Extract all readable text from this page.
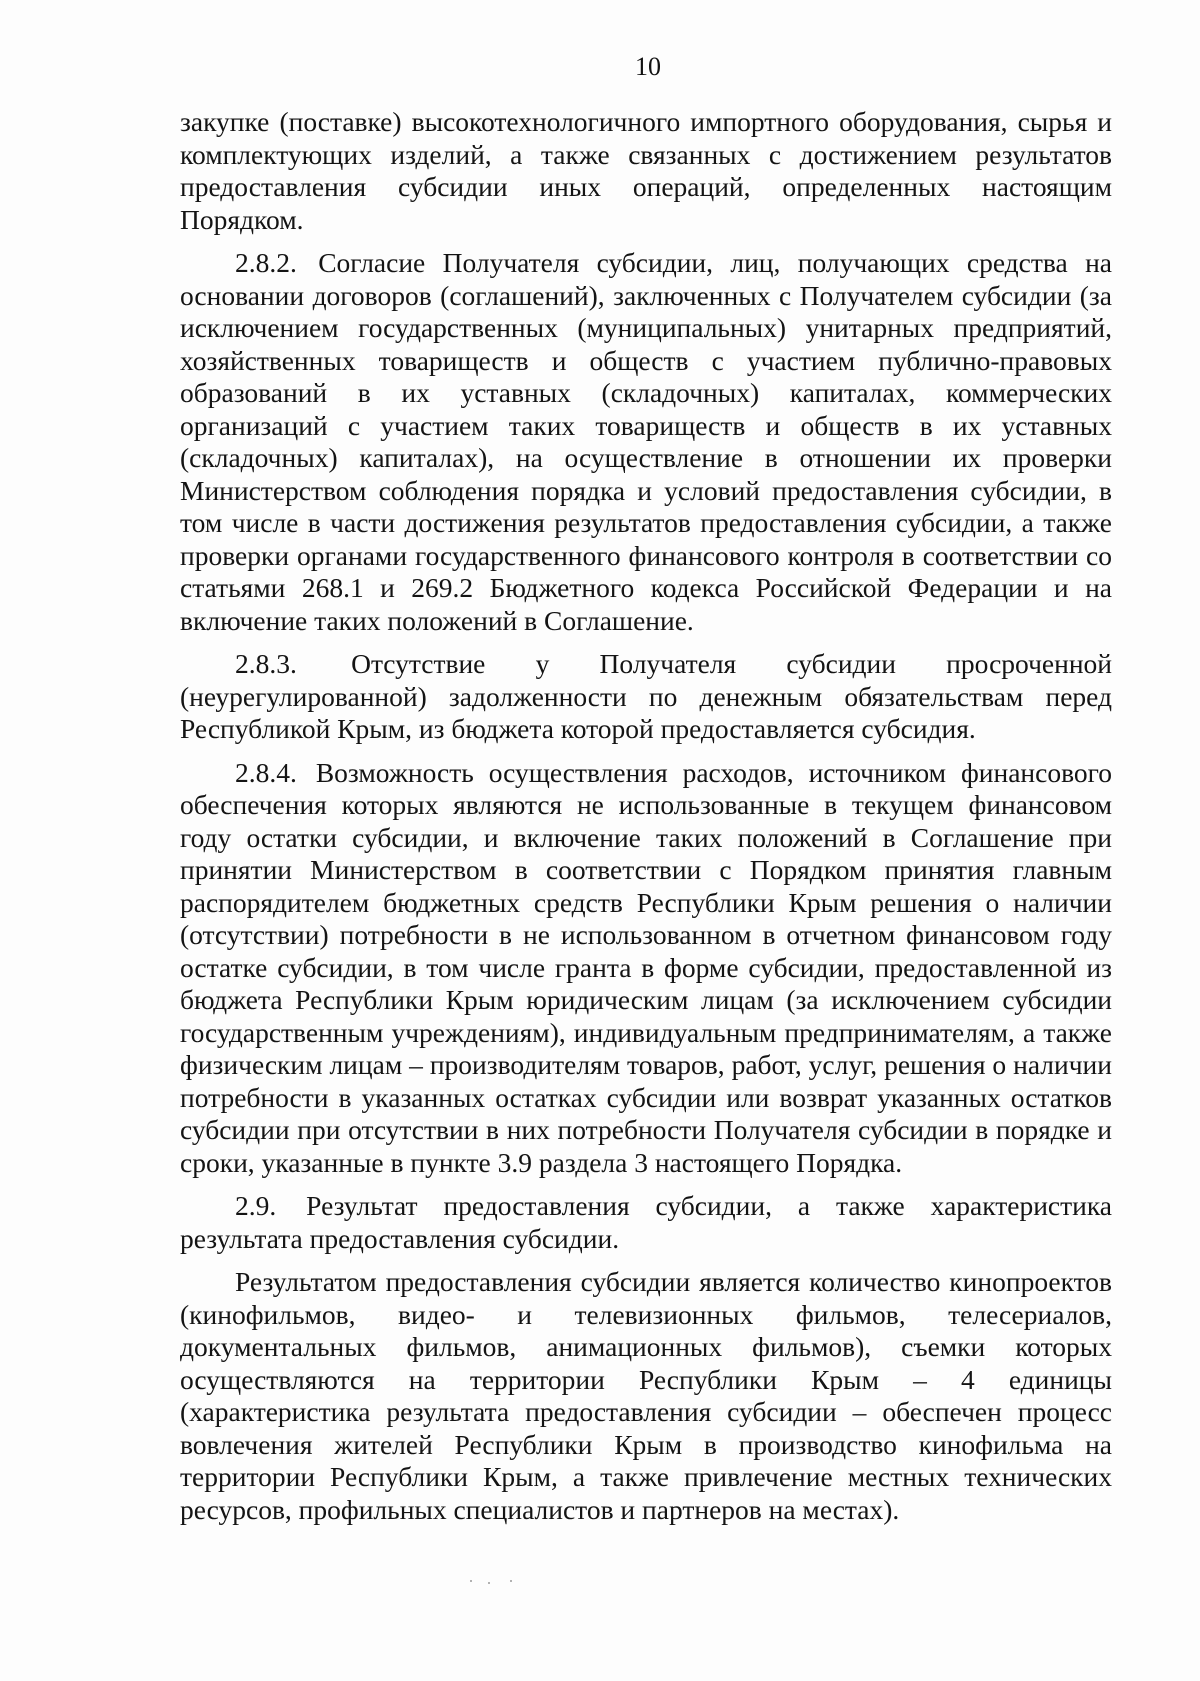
10

закупке (поставке) высокотехнологичного импортного оборудования, сырья и комплектующих изделий, а также связанных с достижением результатов предоставления субсидии иных операций, определенных настоящим Порядком.

2.8.2. Согласие Получателя субсидии, лиц, получающих средства на основании договоров (соглашений), заключенных с Получателем субсидии (за исключением государственных (муниципальных) унитарных предприятий, хозяйственных товариществ и обществ с участием публично-правовых образований в их уставных (складочных) капиталах, коммерческих организаций с участием таких товариществ и обществ в их уставных (складочных) капиталах), на осуществление в отношении их проверки Министерством соблюдения порядка и условий предоставления субсидии, в том числе в части достижения результатов предоставления субсидии, а также проверки органами государственного финансового контроля в соответствии со статьями 268.1 и 269.2 Бюджетного кодекса Российской Федерации и на включение таких положений в Соглашение.

2.8.3. Отсутствие у Получателя субсидии просроченной (неурегулированной) задолженности по денежным обязательствам перед Республикой Крым, из бюджета которой предоставляется субсидия.

2.8.4. Возможность осуществления расходов, источником финансового обеспечения которых являются не использованные в текущем финансовом году остатки субсидии, и включение таких положений в Соглашение при принятии Министерством в соответствии с Порядком принятия главным распорядителем бюджетных средств Республики Крым решения о наличии (отсутствии) потребности в не использованном в отчетном финансовом году остатке субсидии, в том числе гранта в форме субсидии, предоставленной из бюджета Республики Крым юридическим лицам (за исключением субсидии государственным учреждениям), индивидуальным предпринимателям, а также физическим лицам – производителям товаров, работ, услуг, решения о наличии потребности в указанных остатках субсидии или возврат указанных остатков субсидии при отсутствии в них потребности Получателя субсидии в порядке и сроки, указанные в пункте 3.9 раздела 3 настоящего Порядка.

2.9. Результат предоставления субсидии, а также характеристика результата предоставления субсидии.

Результатом предоставления субсидии является количество кинопроектов (кинофильмов, видео- и телевизионных фильмов, телесериалов, документальных фильмов, анимационных фильмов), съемки которых осуществляются на территории Республики Крым – 4 единицы (характеристика результата предоставления субсидии – обеспечен процесс вовлечения жителей Республики Крым в производство кинофильма на территории Республики Крым, а также привлечение местных технических ресурсов, профильных специалистов и партнеров на местах).
